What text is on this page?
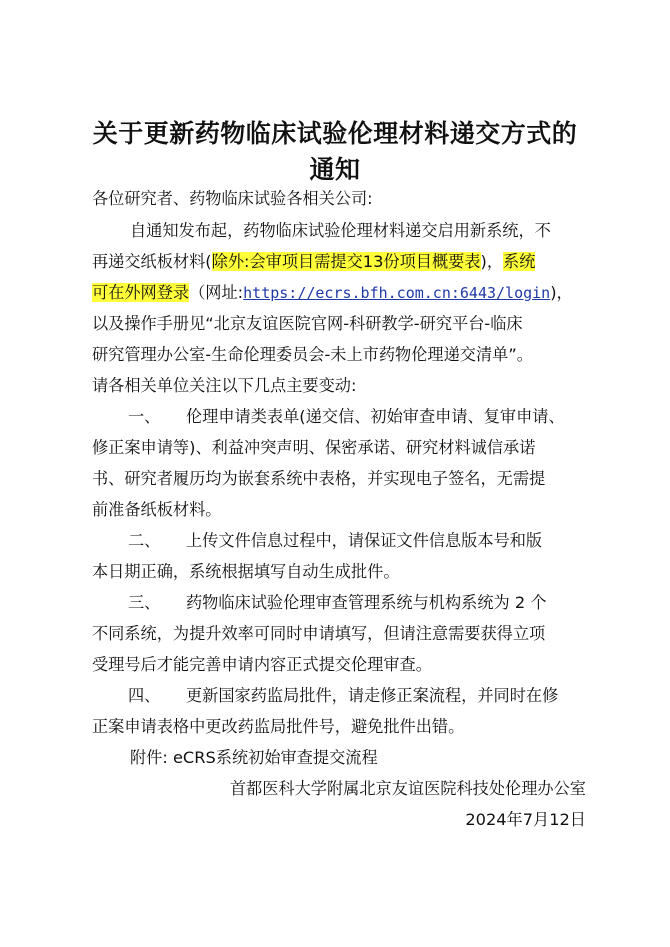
关于更新药物临床试验伦理材料递交方式的
通知
各位研究者、药物临床试验各相关公司:
自通知发布起，药物临床试验伦理材料递交启用新系统，不
再递交纸板材料(除外:会审项目需提交13份项目概要表)，系统
可在外网登录（网址:https://ecrs.bfh.com.cn:6443/login)，
以及操作手册见“北京友谊医院官网-科研教学-研究平台-临床
研究管理办公室-生命伦理委员会-未上市药物伦理递交清单”。
请各相关单位关注以下几点主要变动:
一、 伦理申请类表单(递交信、初始审查申请、复审申请、
修正案申请等)、利益冲突声明、保密承诺、研究材料诚信承诺
书、研究者履历均为嵌套系统中表格，并实现电子签名，无需提
前准备纸板材料。
二、 上传文件信息过程中，请保证文件信息版本号和版
本日期正确，系统根据填写自动生成批件。
三、 药物临床试验伦理审查管理系统与机构系统为 2 个
不同系统，为提升效率可同时申请填写，但请注意需要获得立项
受理号后才能完善申请内容正式提交伦理审查。
四、 更新国家药监局批件，请走修正案流程，并同时在修
正案申请表格中更改药监局批件号，避免批件出错。
附件: eCRS系统初始审查提交流程
首都医科大学附属北京友谊医院科技处伦理办公室
2024年7月12日
